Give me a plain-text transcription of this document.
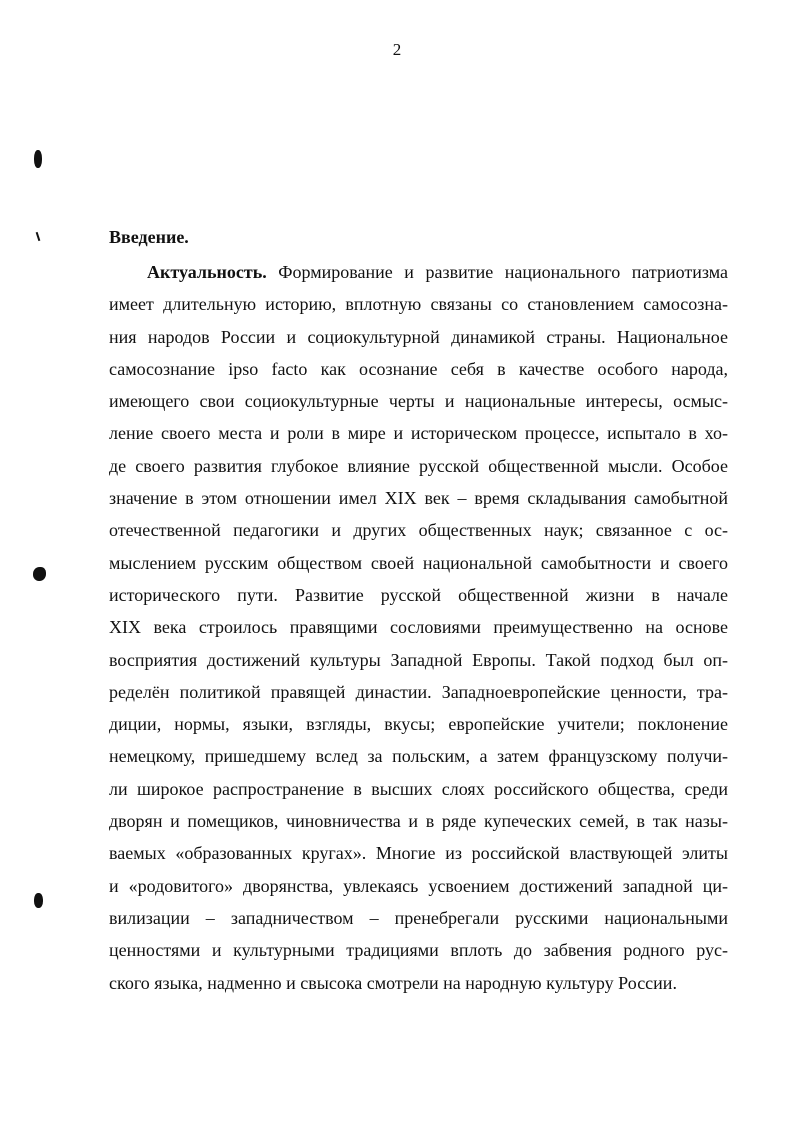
2
Введение.
Актуальность. Формирование и развитие национального патриотизма
имеет длительную историю, вплотную связаны со становлением самосозна-
ния народов России и социокультурной динамикой страны. Национальное
самосознание ipso facto как осознание себя в качестве особого народа,
имеющего свои социокультурные черты и национальные интересы, осмыс-
ление своего места и роли в мире и историческом процессе, испытало в хо-
де своего развития глубокое влияние русской общественной мысли. Особое
значение в этом отношении имел XIX век – время складывания самобытной
отечественной педагогики и других общественных наук; связанное с ос-
мыслением русским обществом своей национальной самобытности и своего
исторического пути. Развитие русской общественной жизни в начале
XIX века строилось правящими сословиями преимущественно на основе
восприятия достижений культуры Западной Европы. Такой подход был оп-
ределён политикой правящей династии. Западноевропейские ценности, тра-
диции, нормы, языки, взгляды, вкусы; европейские учители; поклонение
немецкому, пришедшему вслед за польским, а затем французскому получи-
ли широкое распространение в высших слоях российского общества, среди
дворян и помещиков, чиновничества и в ряде купеческих семей, в так назы-
ваемых «образованных кругах». Многие из российской властвующей элиты
и «родовитого» дворянства, увлекаясь усвоением достижений западной ци-
вилизации – западничеством – пренебрегали русскими национальными
ценностями и культурными традициями вплоть до забвения родного рус-
ского языка, надменно и свысока смотрели на народную культуру России.
